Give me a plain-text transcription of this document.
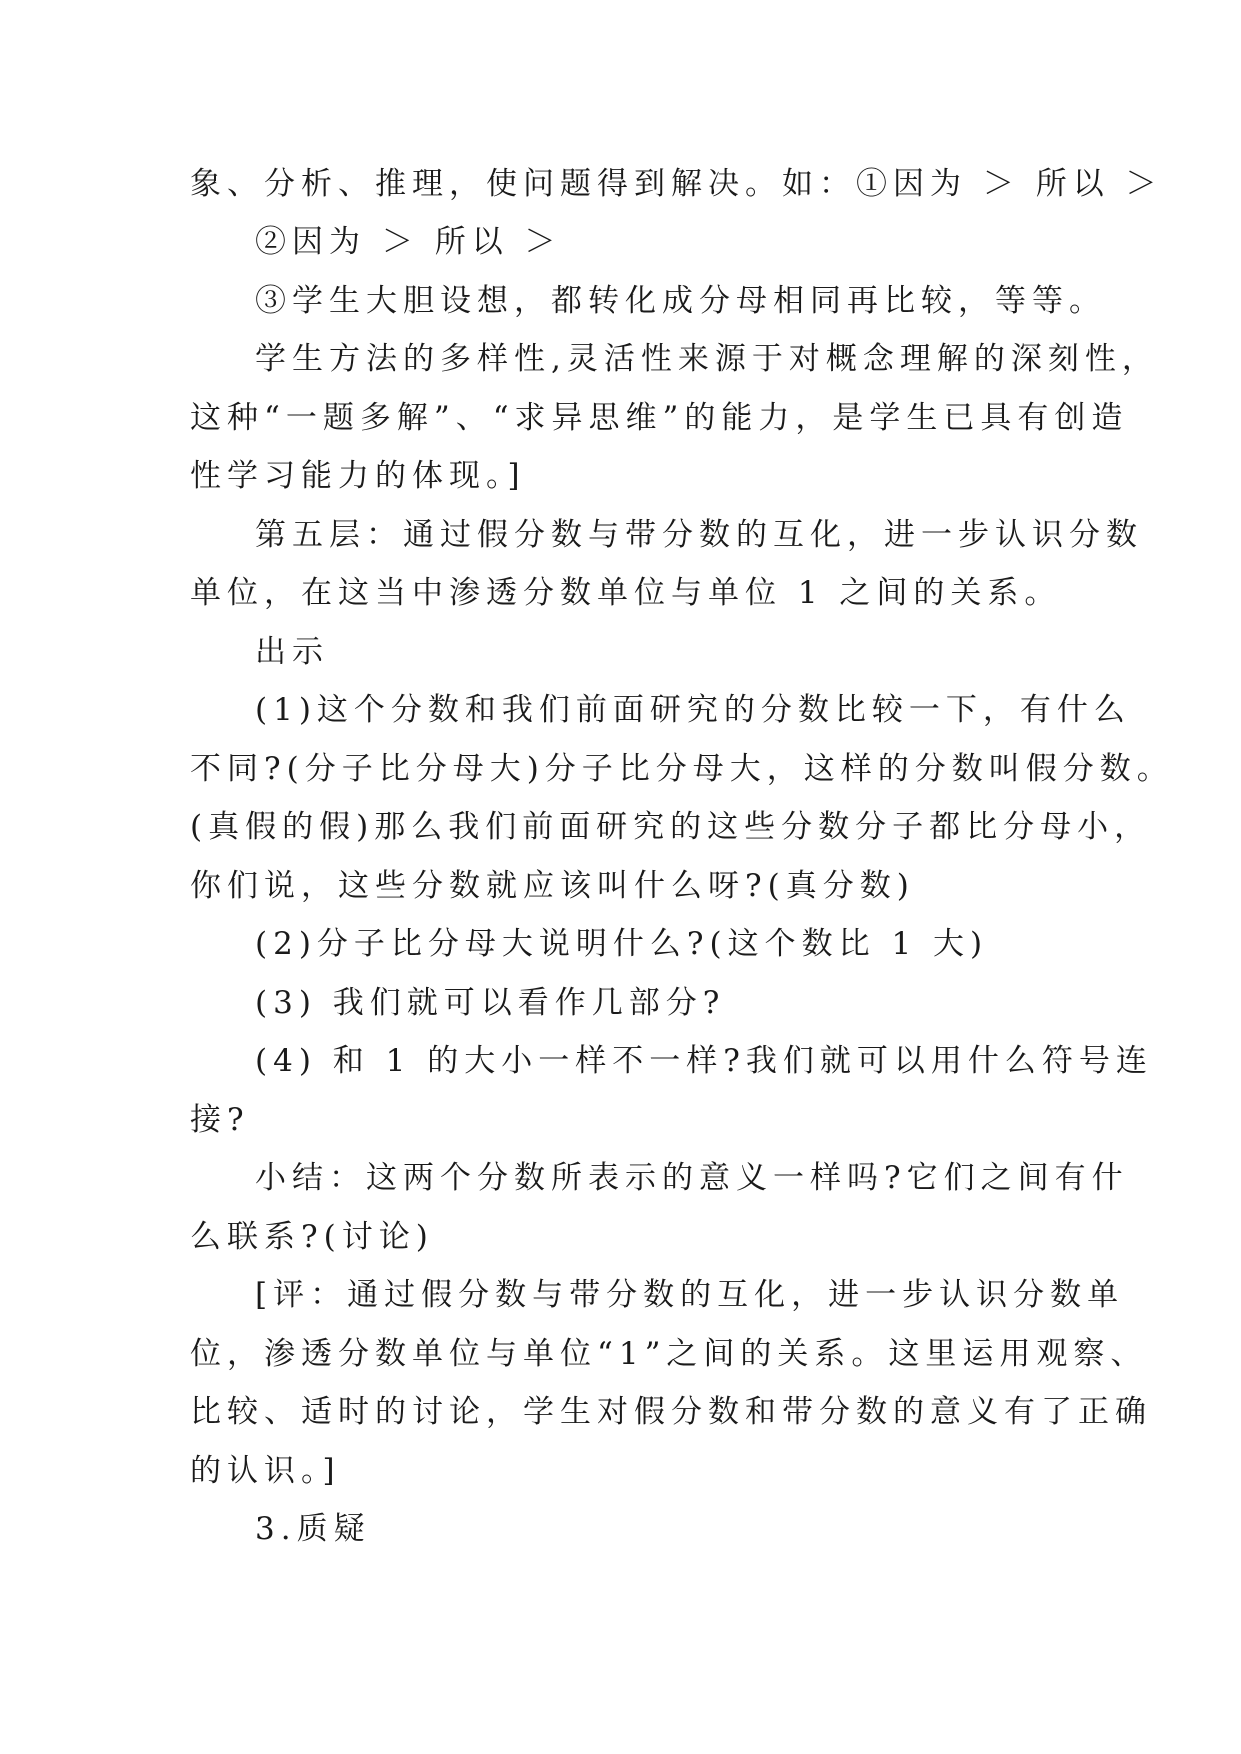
象、分析、推理，使问题得到解决。如：①因为 ＞ 所以 ＞
②因为 ＞ 所以 ＞
③学生大胆设想，都转化成分母相同再比较，等等。
学生方法的多样性,灵活性来源于对概念理解的深刻性，
这种“一题多解”、“求异思维”的能力，是学生已具有创造
性学习能力的体现。]
第五层：通过假分数与带分数的互化，进一步认识分数
单位，在这当中渗透分数单位与单位 1 之间的关系。
出示
(1)这个分数和我们前面研究的分数比较一下，有什么
不同?(分子比分母大)分子比分母大，这样的分数叫假分数。
(真假的假)那么我们前面研究的这些分数分子都比分母小，
你们说，这些分数就应该叫什么呀?(真分数)
(2)分子比分母大说明什么?(这个数比 1 大)
(3) 我们就可以看作几部分?
(4) 和 1 的大小一样不一样?我们就可以用什么符号连
接?
小结：这两个分数所表示的意义一样吗?它们之间有什
么联系?(讨论)
[评：通过假分数与带分数的互化，进一步认识分数单
位，渗透分数单位与单位“1”之间的关系。这里运用观察、
比较、适时的讨论，学生对假分数和带分数的意义有了正确
的认识。]
3.质疑
